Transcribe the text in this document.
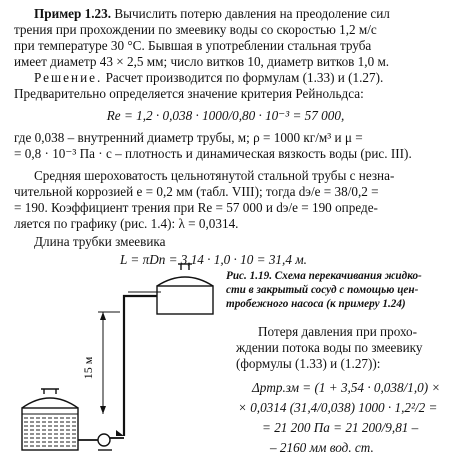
Пример 1.23. Вычислить потерю давления на преодоление сил
трения при прохождении по змеевику воды со скоростью 1,2 м/с
при температуре 30 °С. Бывшая в употреблении стальная труба
имеет диаметр 43 × 2,5 мм; число витков 10, диаметр витков 1,0 м.
Решение. Расчет производится по формулам (1.33) и (1.27).
Предварительно определяется значение критерия Рейнольдса:
Re = 1,2 · 0,038 · 1000/0,80 · 10⁻³ = 57 000,
где 0,038 – внутренний диаметр трубы, м; ρ = 1000 кг/м³ и μ =
= 0,8 · 10⁻³ Па · с – плотность и динамическая вязкость воды (рис. III).
Средняя шероховатость цельнотянутой стальной трубы с незна-
чительной коррозией e = 0,2 мм (табл. VIII); тогда dэ/e = 38/0,2 =
= 190. Коэффициент трения при Re = 57 000 и dэ/e = 190 опреде-
ляется по графику (рис. 1.4): λ = 0,0314.
Длина трубки змеевика
L = πDn = 3,14 · 1,0 · 10 = 31,4 м.
Рис. 1.19. Схема перекачивания жидко-
сти в закрытый сосуд с помощью цен-
тробежного насоса (к примеру 1.24)
Потеря давления при прохо-
ждении потока воды по змеевику
(формулы (1.33) и (1.27)):
Δpтр.зм = (1 + 3,54 · 0,038/1,0) ×
× 0,0314 (31,4/0,038) 1000 · 1,2²/2 =
= 21 200 Па = 21 200/9,81 –
– 2160 мм вод. ст.
15 м
